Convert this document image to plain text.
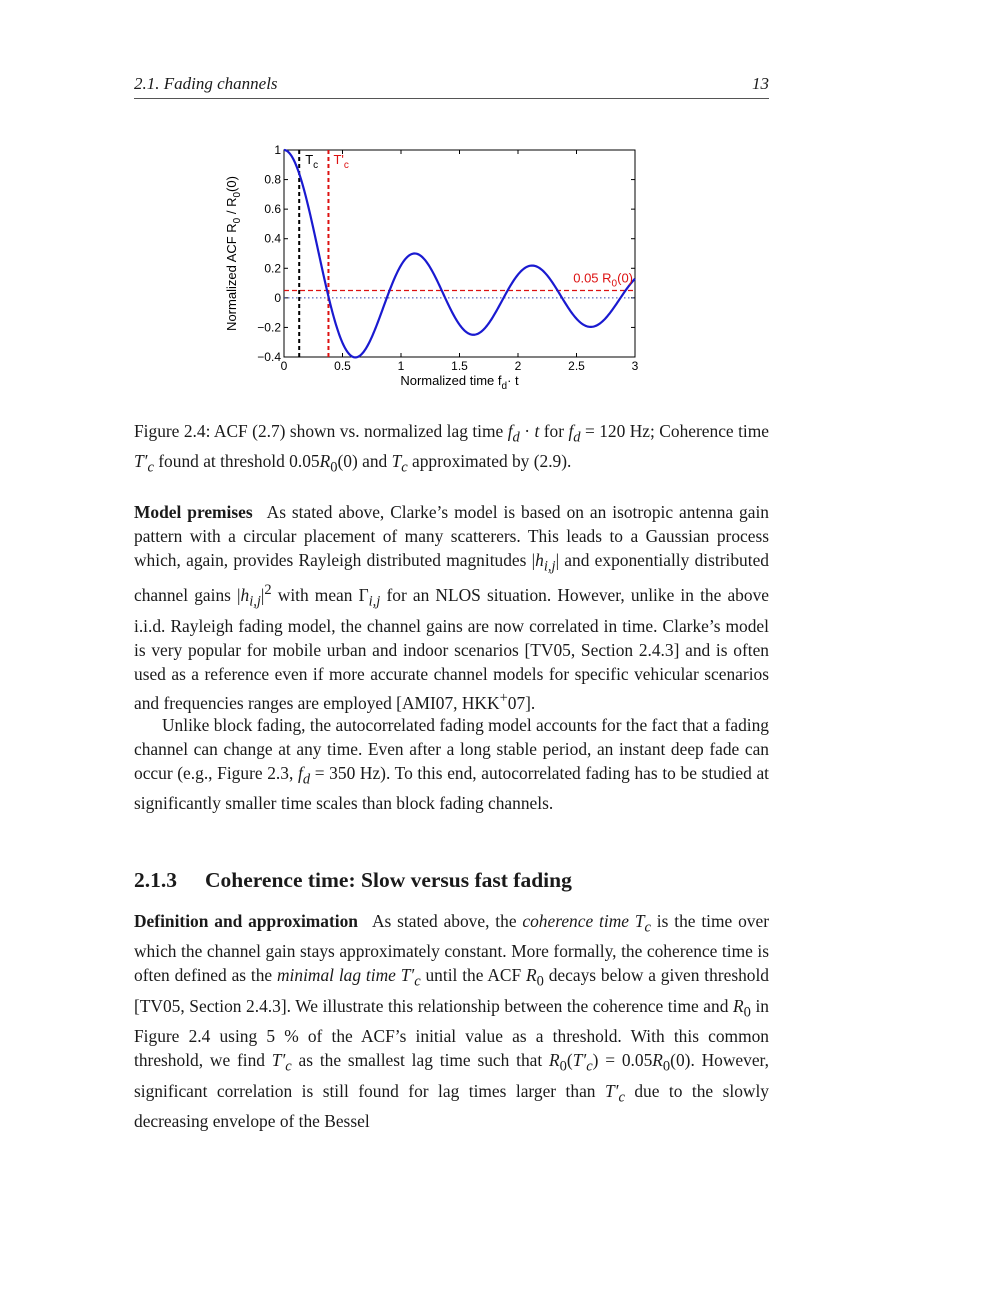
2.1. Fading channels	13
0	0.5	1	1.5	2	2.5	3
−0.4
−0.2
0
0.2
0.4
0.6
0.8
1
$T_c$ $T'_c$
0.05 $R_0(0)$
Normalized time $f_d\cdot t$
Normalized ACF $R_0 / R_0(0)$
Figure 2.4: ACF (2.7) shown vs. normalized lag time $f_d \cdot t$ for $f_d = 120$ Hz; Coherence time $T'_c$ found at threshold $0.05R_0(0)$ and $T_c$ approximated by (2.9).

Model premises As stated above, Clarke’s model is based on an isotropic antenna gain pattern with a circular placement of many scatterers. This leads to a Gaussian process which, again, provides Rayleigh distributed magnitudes $|h_{i,j}|$ and exponentially distributed channel gains $|h_{i,j}|^2$ with mean $\Gamma_{i,j}$ for an NLOS situation. However, unlike in the above i.i.d. Rayleigh fading model, the channel gains are now correlated in time. Clarke’s model is very popular for mobile urban and indoor scenarios [TV05, Section 2.4.3] and is often used as a reference even if more accurate channel models for specific vehicular scenarios and frequencies ranges are employed [AMI07, HKK+07].

Unlike block fading, the autocorrelated fading model accounts for the fact that a fading channel can change at any time. Even after a long stable period, an instant deep fade can occur (e.g., Figure 2.3, $f_d = 350$ Hz). To this end, autocorrelated fading has to be studied at significantly smaller time scales than block fading channels.

2.1.3 Coherence time: Slow versus fast fading

Definition and approximation As stated above, the coherence time $T_c$ is the time over which the channel gain stays approximately constant. More formally, the coherence time is often defined as the minimal lag time $T'_c$ until the ACF $R_0$ decays below a given threshold [TV05, Section 2.4.3]. We illustrate this relationship between the coherence time and $R_0$ in Figure 2.4 using 5 % of the ACF’s initial value as a threshold. With this common threshold, we find $T'_c$ as the smallest lag time such that $R_0(T'_c) = 0.05R_0(0)$. However, significant correlation is still found for lag times larger than $T'_c$ due to the slowly decreasing envelope of the Bessel
